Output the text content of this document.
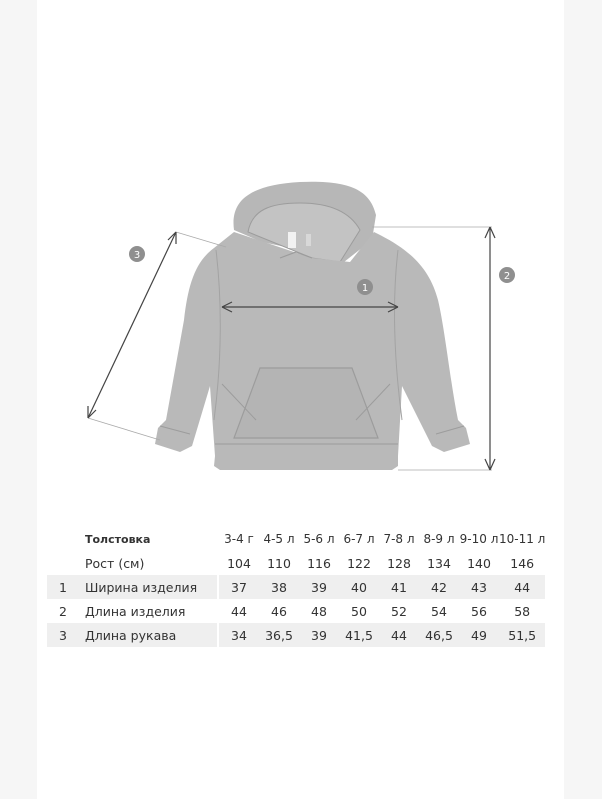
1
2
3
	Толстовка		3-4 г	4-5 л	5-6 л	6-7 л	7-8 л	8-9 л	9-10 л	10-11 л
	Рост (см)		104	110	116	122	128	134	140	146
1	Ширина изделия		37	38	39	40	41	42	43	44
2	Длина изделия		44	46	48	50	52	54	56	58
3	Длина рукава		34	36,5	39	41,5	44	46,5	49	51,5
